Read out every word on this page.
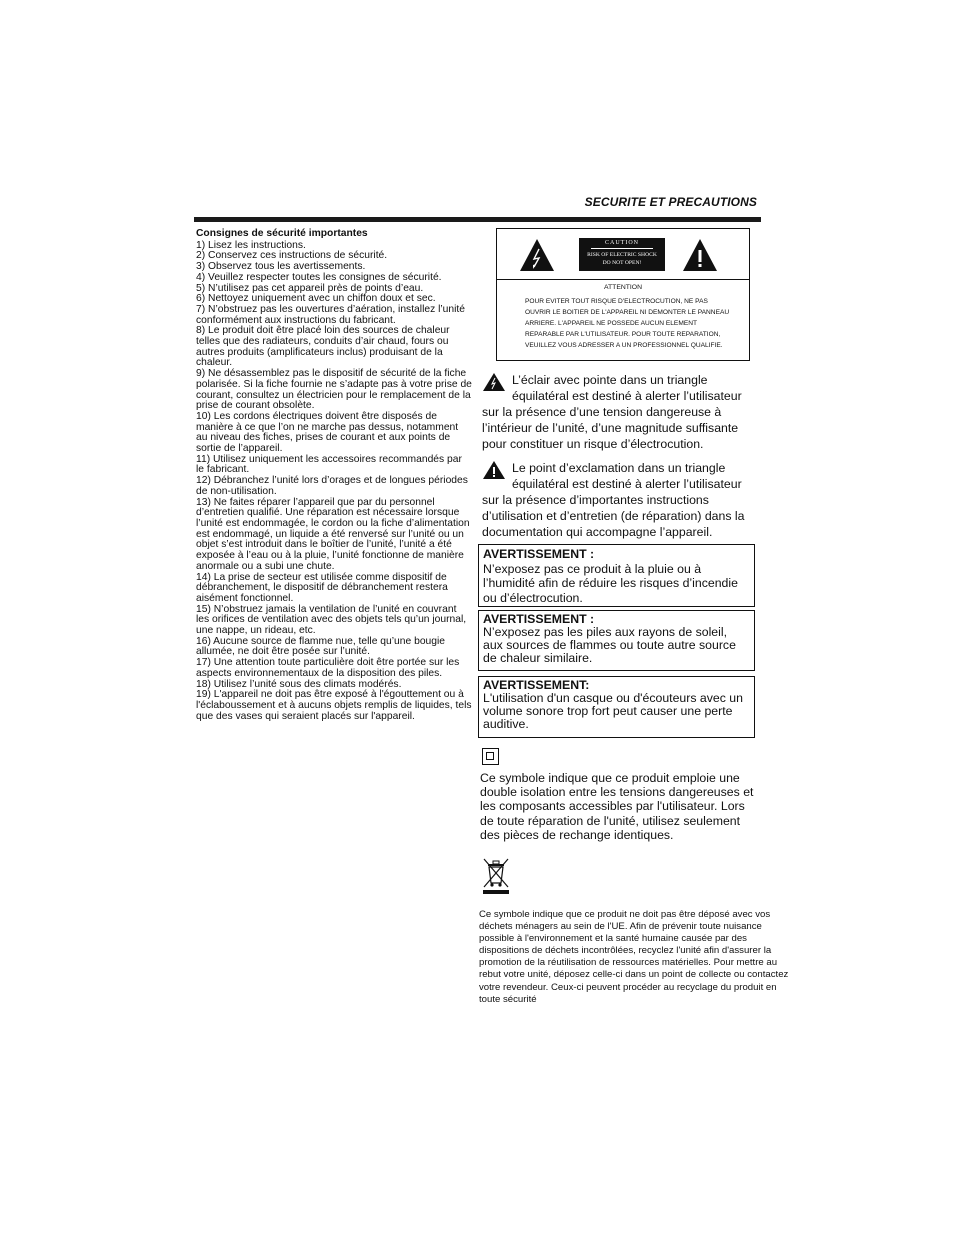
SECURITE ET PRECAUTIONS
Consignes de sécurité importantes
1) Lisez les instructions.
2) Conservez ces instructions de sécurité.
3) Observez tous les avertissements.
4) Veuillez respecter toutes les consignes de sécurité.
5) N’utilisez pas cet appareil près de points d’eau.
6) Nettoyez uniquement avec un chiffon doux et sec.
7) N’obstruez pas les ouvertures d’aération, installez l’unité conformément aux instructions du fabricant.
8) Le produit doit être placé loin des sources de chaleur telles que des radiateurs, conduits d’air chaud, fours ou autres produits (amplificateurs inclus) produisant de la chaleur.
9) Ne désassemblez pas le dispositif de sécurité de la fiche polarisée. Si la fiche fournie ne s’adapte pas à votre prise de courant, consultez un électricien pour le remplacement de la prise de courant obsolète.
10) Les cordons électriques doivent être disposés de manière à ce que l’on ne marche pas dessus, notamment au niveau des fiches, prises de courant et aux points de sortie de l’appareil.
11) Utilisez uniquement les accessoires recommandés par le fabricant.
12) Débranchez l’unité lors d’orages et de longues périodes de non-utilisation.
13) Ne faites réparer l’appareil que par du personnel d’entretien qualifié. Une réparation est nécessaire lorsque l’unité est endommagée, le cordon ou la fiche d’alimentation est endommagé, un liquide a été renversé sur l’unité ou un objet s’est introduit dans le boîtier de l’unité, l’unité a été exposée à l’eau ou à la pluie, l’unité fonctionne de manière anormale ou a subi une chute.
14) La prise de secteur est utilisée comme dispositif de débranchement, le dispositif de débranchement restera aisément fonctionnel.
15) N’obstruez jamais la ventilation de l’unité en couvrant les orifices de ventilation avec des objets tels qu’un journal, une nappe, un rideau, etc.
16) Aucune source de flamme nue, telle qu’une bougie allumée, ne doit être posée sur l’unité.
17) Une attention toute particulière doit être portée sur les aspects environnementaux de la disposition des piles.
18) Utilisez l’unité sous des climats modérés.
19) L'appareil ne doit pas être exposé à l'égouttement ou à l'éclaboussement et à aucuns objets remplis de liquides, tels que des vases qui seraient placés sur l'appareil.
CAUTION
RISK OF ELECTRIC SHOCK
DO NOT OPEN!
ATTENTION
POUR EVITER TOUT RISQUE D'ELECTROCUTION, NE PAS OUVRIR LE BOITIER DE L'APPAREIL NI DEMONTER LE PANNEAU ARRIERE. L'APPAREIL NE POSSEDE AUCUN ELEMENT REPARABLE PAR L'UTILISATEUR. POUR TOUTE REPARATION, VEUILLEZ VOUS ADRESSER A UN PROFESSIONNEL QUALIFIE.
L’éclair avec pointe dans un triangle équilatéral est destiné à alerter l’utilisateur sur la présence d’une tension dangereuse à l’intérieur de l’unité, d’une magnitude suffisante pour constituer un risque d’électrocution.
Le point d’exclamation dans un triangle équilatéral est destiné à alerter l’utilisateur sur la présence d’importantes instructions d’utilisation et d’entretien (de réparation) dans la documentation qui accompagne l’appareil.
AVERTISSEMENT :
N’exposez pas ce produit à la pluie ou à l’humidité afin de réduire les risques d’incendie ou d’électrocution.
AVERTISSEMENT :
N’exposez pas les piles aux rayons de soleil, aux sources de flammes ou toute autre source de chaleur similaire.
AVERTISSEMENT:
L'utilisation d'un casque ou d'écouteurs avec un volume sonore trop fort peut causer une perte auditive.
Ce symbole indique que ce produit emploie une double isolation entre les tensions dangereuses et les composants accessibles par l'utilisateur. Lors de toute réparation de l'unité, utilisez seulement des pièces de rechange identiques.
Ce symbole indique que ce produit ne doit pas être déposé avec vos déchets ménagers au sein de l'UE. Afin de prévenir toute nuisance possible à l'environnement et la santé humaine causée par des dispositions de déchets incontrôlées, recyclez l'unité afin d'assurer la promotion de la réutilisation de ressources matérielles. Pour mettre au rebut votre unité, déposez celle-ci dans un point de collecte ou contactez votre revendeur. Ceux-ci peuvent procéder au recyclage du produit en toute sécurité
